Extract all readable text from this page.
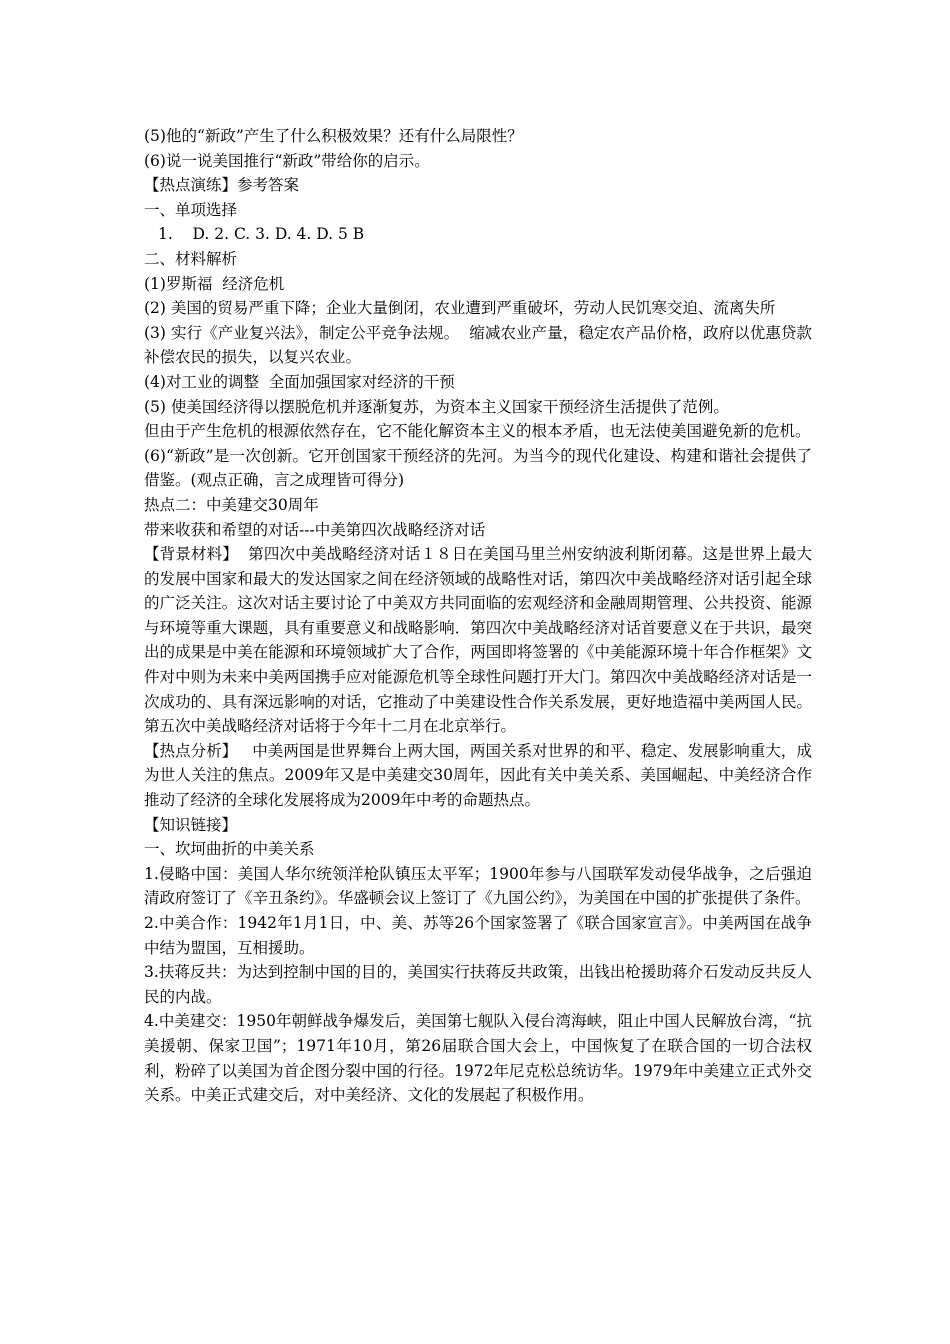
(5)他的“新政”产生了什么积极效果？还有什么局限性？

(6)说一说美国推行“新政”带给你的启示。

【热点演练】参考答案

一、单项选择

1.    D. 2. C. 3. D. 4. D. 5 B

二、材料解析

(1)罗斯福  经济危机

(2) 美国的贸易严重下降；企业大量倒闭，农业遭到严重破坏，劳动人民饥寒交迫、流离失所

(3) 实行《产业复兴法》，制定公平竞争法规。  缩减农业产量，稳定农产品价格，政府以优惠贷款补偿农民的损失，以复兴农业。

(4)对工业的调整  全面加强国家对经济的干预

(5) 使美国经济得以摆脱危机并逐渐复苏，为资本主义国家干预经济生活提供了范例。

但由于产生危机的根源依然存在，它不能化解资本主义的根本矛盾，也无法使美国避免新的危机。

(6)“新政”是一次创新。它开创国家干预经济的先河。为当今的现代化建设、构建和谐社会提供了借鉴。(观点正确，言之成理皆可得分)

热点二：中美建交30周年

带来收获和希望的对话---中美第四次战略经济对话

【背景材料】  第四次中美战略经济对话１８日在美国马里兰州安纳波利斯闭幕。这是世界上最大的发展中国家和最大的发达国家之间在经济领域的战略性对话，第四次中美战略经济对话引起全球的广泛关注。这次对话主要讨论了中美双方共同面临的宏观经济和金融周期管理、公共投资、能源与环境等重大课题，具有重要意义和战略影响．第四次中美战略经济对话首要意义在于共识，最突出的成果是中美在能源和环境领域扩大了合作，两国即将签署的《中美能源环境十年合作框架》文件对中则为未来中美两国携手应对能源危机等全球性问题打开大门。第四次中美战略经济对话是一次成功的、具有深远影响的对话，它推动了中美建设性合作关系发展，更好地造福中美两国人民。第五次中美战略经济对话将于今年十二月在北京举行。

【热点分析】   中美两国是世界舞台上两大国，两国关系对世界的和平、稳定、发展影响重大，成为世人关注的焦点。2009年又是中美建交30周年，因此有关中美关系、美国崛起、中美经济合作推动了经济的全球化发展将成为2009年中考的命题热点。

【知识链接】

一、坎坷曲折的中美关系

1.侵略中国：美国人华尔统领洋枪队镇压太平军；1900年参与八国联军发动侵华战争，之后强迫清政府签订了《辛丑条约》。华盛顿会议上签订了《九国公约》，为美国在中国的扩张提供了条件。

2.中美合作：1942年1月1日，中、美、苏等26个国家签署了《联合国家宣言》。中美两国在战争中结为盟国，互相援助。

3.扶蒋反共：为达到控制中国的目的，美国实行扶蒋反共政策，出钱出枪援助蒋介石发动反共反人民的内战。

4.中美建交：1950年朝鲜战争爆发后，美国第七舰队入侵台湾海峡，阻止中国人民解放台湾，“抗美援朝、保家卫国”；1971年10月，第26届联合国大会上，中国恢复了在联合国的一切合法权利，粉碎了以美国为首企图分裂中国的行径。1972年尼克松总统访华。1979年中美建立正式外交关系。中美正式建交后，对中美经济、文化的发展起了积极作用。
